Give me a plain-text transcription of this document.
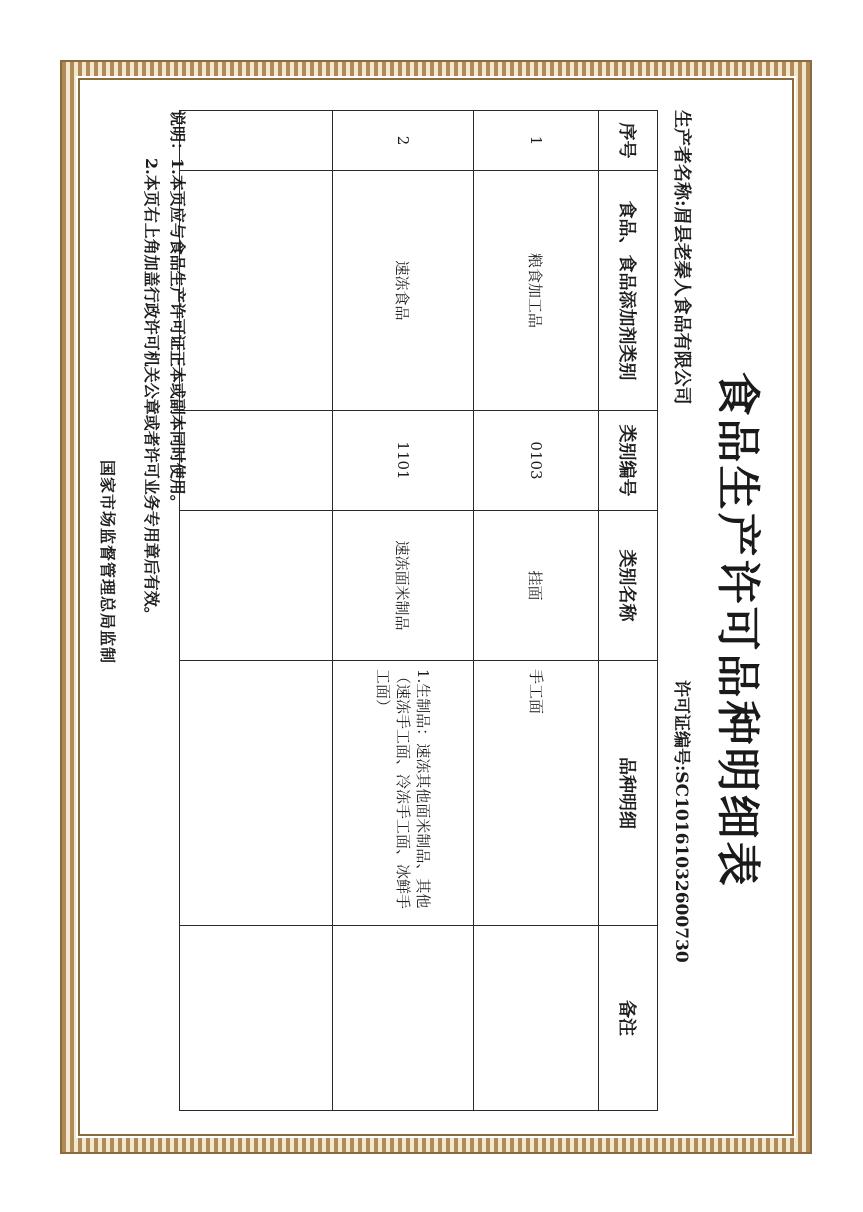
食品生产许可品种明细表
生产者名称:眉县老秦人食品有限公司
许可证编号:SC10161032600730
序号	食品、食品添加剂类别	类别编号	类别名称	品种明细	备注
1	粮食加工品	0103	挂面	手工面	
2	速冻食品	1101	速冻面米制品	1.生制品：速冻其他面米制品、其他（速冻手工面、冷冻手工面、冰鲜手工面）	

说明：
1.本页应与食品生产许可证正本或副本同时使用。
2.本页右上角加盖行政许可机关公章或者许可业务专用章后有效。
国家市场监督管理总局监制
